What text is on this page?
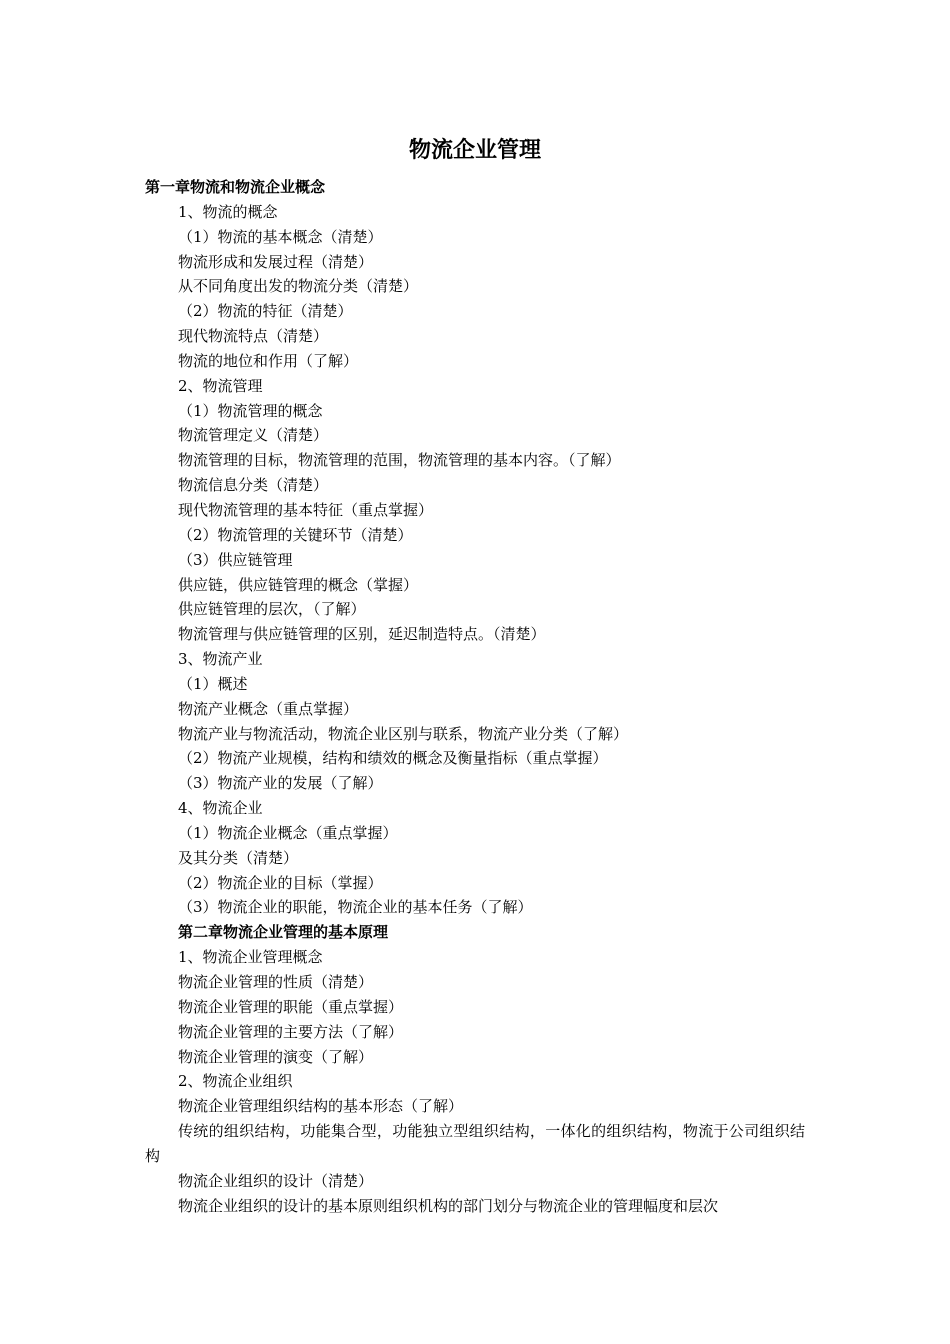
物流企业管理

第一章物流和物流企业概念

1、物流的概念

（1）物流的基本概念（清楚）

物流形成和发展过程（清楚）

从不同角度出发的物流分类（清楚）

（2）物流的特征（清楚）

现代物流特点（清楚）

物流的地位和作用（了解）

2、物流管理

（1）物流管理的概念

物流管理定义（清楚）

物流管理的目标，物流管理的范围，物流管理的基本内容。（了解）

物流信息分类（清楚）

现代物流管理的基本特征（重点掌握）

（2）物流管理的关键环节（清楚）

（3）供应链管理

供应链，供应链管理的概念（掌握）

供应链管理的层次，（了解）

物流管理与供应链管理的区别，延迟制造特点。（清楚）

3、物流产业

（1）概述

物流产业概念（重点掌握）

物流产业与物流活动，物流企业区别与联系，物流产业分类（了解）

（2）物流产业规模，结构和绩效的概念及衡量指标（重点掌握）

（3）物流产业的发展（了解）

4、物流企业

（1）物流企业概念（重点掌握）

及其分类（清楚）

（2）物流企业的目标（掌握）

（3）物流企业的职能，物流企业的基本任务（了解）

第二章物流企业管理的基本原理

1、物流企业管理概念

物流企业管理的性质（清楚）

物流企业管理的职能（重点掌握）

物流企业管理的主要方法（了解）

物流企业管理的演变（了解）

2、物流企业组织

物流企业管理组织结构的基本形态（了解）

传统的组织结构，功能集合型，功能独立型组织结构，一体化的组织结构，物流于公司组织结构

物流企业组织的设计（清楚）

物流企业组织的设计的基本原则组织机构的部门划分与物流企业的管理幅度和层次
